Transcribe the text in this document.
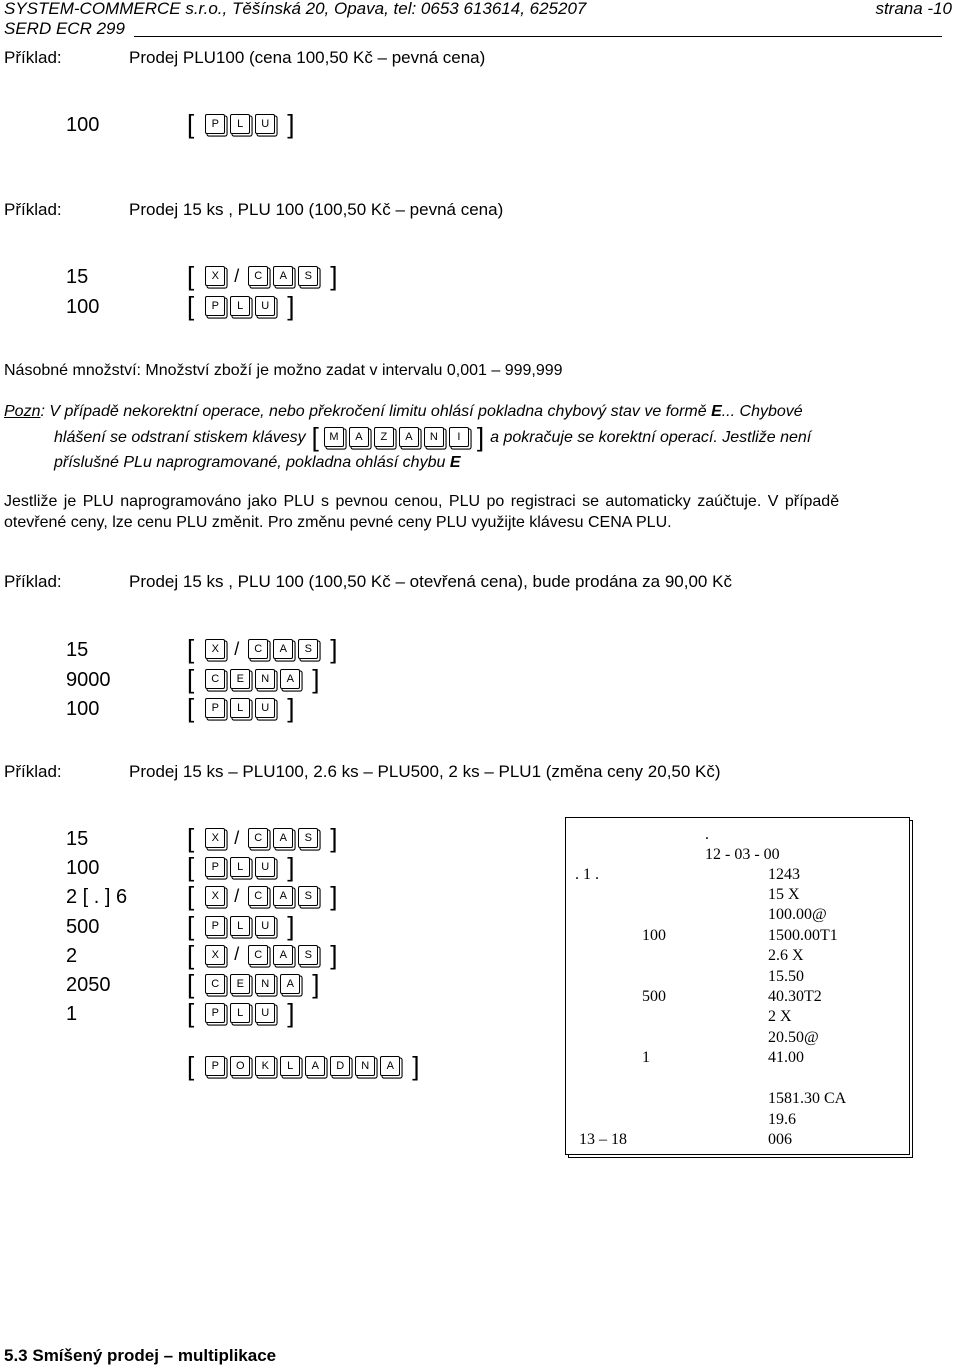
SYSTEM-COMMERCE s.r.o., Těšínská 20, Opava, tel: 0653 613614, 625207	strana -10
SERD ECR 299
Příklad:	Prodej PLU100 (cena 100,50 Kč – pevná cena)
100	[	P	L	U ]
Příklad:	Prodej 15 ks , PLU 100 (100,50 Kč – pevná cena)
15	[	X /	C	A	S ]
100	[	P	L	U ]
Násobné množství: Množství zboží je možno zadat v intervalu 0,001 – 999,999
Pozn: V případě nekorektní operace, nebo překročení limitu ohlásí pokladna chybový stav ve formě E... Chybové
hlášení se odstraní stiskem klávesy [ M	A	Z	A	N	I ] a pokračuje se korektní operací. Jestliže není
příslušné PLu naprogramované, pokladna ohlásí chybu E
Jestliže je PLU naprogramováno jako PLU s pevnou cenou, PLU po registraci se automaticky zaúčtuje. V případě
otevřené ceny, lze cenu PLU změnit. Pro změnu pevné ceny PLU využijte klávesu CENA PLU.
Příklad:	Prodej 15 ks , PLU 100 (100,50 Kč – otevřená cena), bude prodána za 90,00 Kč
15	[	X /	C	A	S ]
9000	[	C	E	N	A ]
100	[	P	L	U ]
Příklad:	Prodej 15 ks – PLU100, 2.6 ks – PLU500, 2 ks – PLU1 (změna ceny 20,50 Kč)
15	[	X /	C	A	S ]
100	[	P	L	U ]
2 [ . ] 6 [	X /	C	A	S ]
500	[	P	L	U ]
2	[	X /	C	A	S ]
2050	[	C	E	N	A ]
1	[	P	L	U ]
[	P	O	K	L	A	D	N	A ]
.
12 - 03 - 00
. 1 .	1243
15 X
100.00@
100	1500.00T1
2.6 X
15.50
500	40.30T2
2 X
20.50@
1	41.00
1581.30 CA
19.6
13 – 18	006
5.3 Smíšený prodej – multiplikace
